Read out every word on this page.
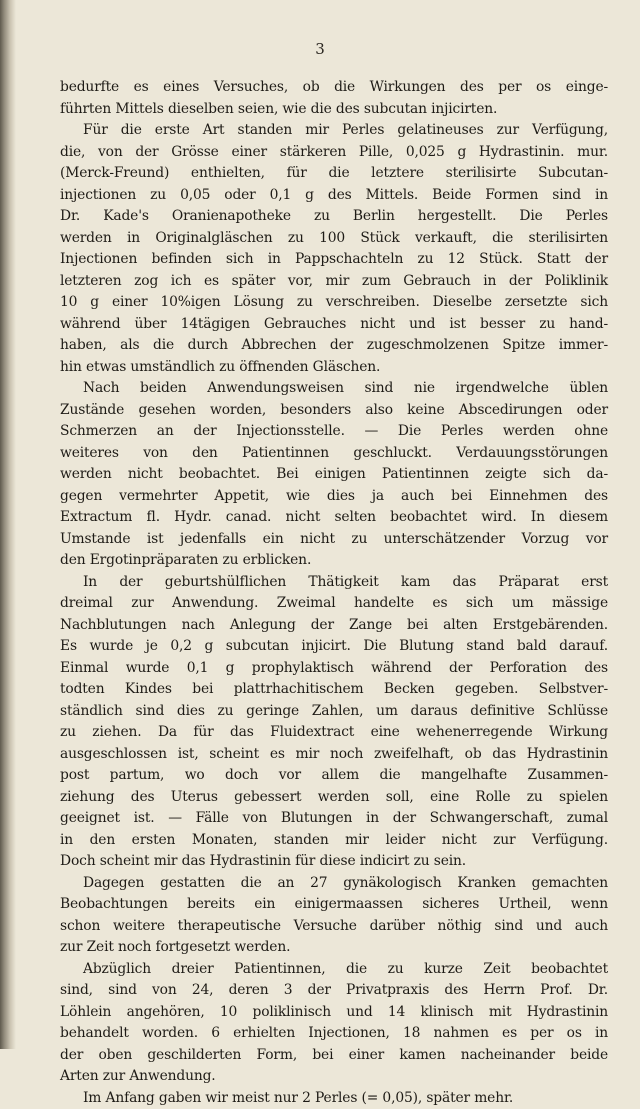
3
bedurfte es eines Versuches, ob die Wirkungen des per os einge-
führten Mittels dieselben seien, wie die des subcutan injicirten.
Für die erste Art standen mir Perles gelatineuses zur Verfügung,
die, von der Grösse einer stärkeren Pille, 0,025 g Hydrastinin. mur.
(Merck-Freund) enthielten, für die letztere sterilisirte Subcutan-
injectionen zu 0,05 oder 0,1 g des Mittels. Beide Formen sind in
Dr. Kade's Oranienapotheke zu Berlin hergestellt. Die Perles
werden in Originalgläschen zu 100 Stück verkauft, die sterilisirten
Injectionen befinden sich in Pappschachteln zu 12 Stück. Statt der
letzteren zog ich es später vor, mir zum Gebrauch in der Poliklinik
10 g einer 10%igen Lösung zu verschreiben. Dieselbe zersetzte sich
während über 14tägigen Gebrauches nicht und ist besser zu hand-
haben, als die durch Abbrechen der zugeschmolzenen Spitze immer-
hin etwas umständlich zu öffnenden Gläschen.
Nach beiden Anwendungsweisen sind nie irgendwelche üblen
Zustände gesehen worden, besonders also keine Abscedirungen oder
Schmerzen an der Injectionsstelle. — Die Perles werden ohne
weiteres von den Patientinnen geschluckt. Verdauungsstörungen
werden nicht beobachtet. Bei einigen Patientinnen zeigte sich da-
gegen vermehrter Appetit, wie dies ja auch bei Einnehmen des
Extractum fl. Hydr. canad. nicht selten beobachtet wird. In diesem
Umstande ist jedenfalls ein nicht zu unterschätzender Vorzug vor
den Ergotinpräparaten zu erblicken.
In der geburtshülflichen Thätigkeit kam das Präparat erst
dreimal zur Anwendung. Zweimal handelte es sich um mässige
Nachblutungen nach Anlegung der Zange bei alten Erstgebärenden.
Es wurde je 0,2 g subcutan injicirt. Die Blutung stand bald darauf.
Einmal wurde 0,1 g prophylaktisch während der Perforation des
todten Kindes bei plattrhachitischem Becken gegeben. Selbstver-
ständlich sind dies zu geringe Zahlen, um daraus definitive Schlüsse
zu ziehen. Da für das Fluidextract eine wehenerregende Wirkung
ausgeschlossen ist, scheint es mir noch zweifelhaft, ob das Hydrastinin
post partum, wo doch vor allem die mangelhafte Zusammen-
ziehung des Uterus gebessert werden soll, eine Rolle zu spielen
geeignet ist. — Fälle von Blutungen in der Schwangerschaft, zumal
in den ersten Monaten, standen mir leider nicht zur Verfügung.
Doch scheint mir das Hydrastinin für diese indicirt zu sein.
Dagegen gestatten die an 27 gynäkologisch Kranken gemachten
Beobachtungen bereits ein einigermaassen sicheres Urtheil, wenn
schon weitere therapeutische Versuche darüber nöthig sind und auch
zur Zeit noch fortgesetzt werden.
Abzüglich dreier Patientinnen, die zu kurze Zeit beobachtet
sind, sind von 24, deren 3 der Privatpraxis des Herrn Prof. Dr.
Löhlein angehören, 10 poliklinisch und 14 klinisch mit Hydrastinin
behandelt worden. 6 erhielten Injectionen, 18 nahmen es per os in
der oben geschilderten Form, bei einer kamen nacheinander beide
Arten zur Anwendung.
Im Anfang gaben wir meist nur 2 Perles (= 0,05), später mehr.
